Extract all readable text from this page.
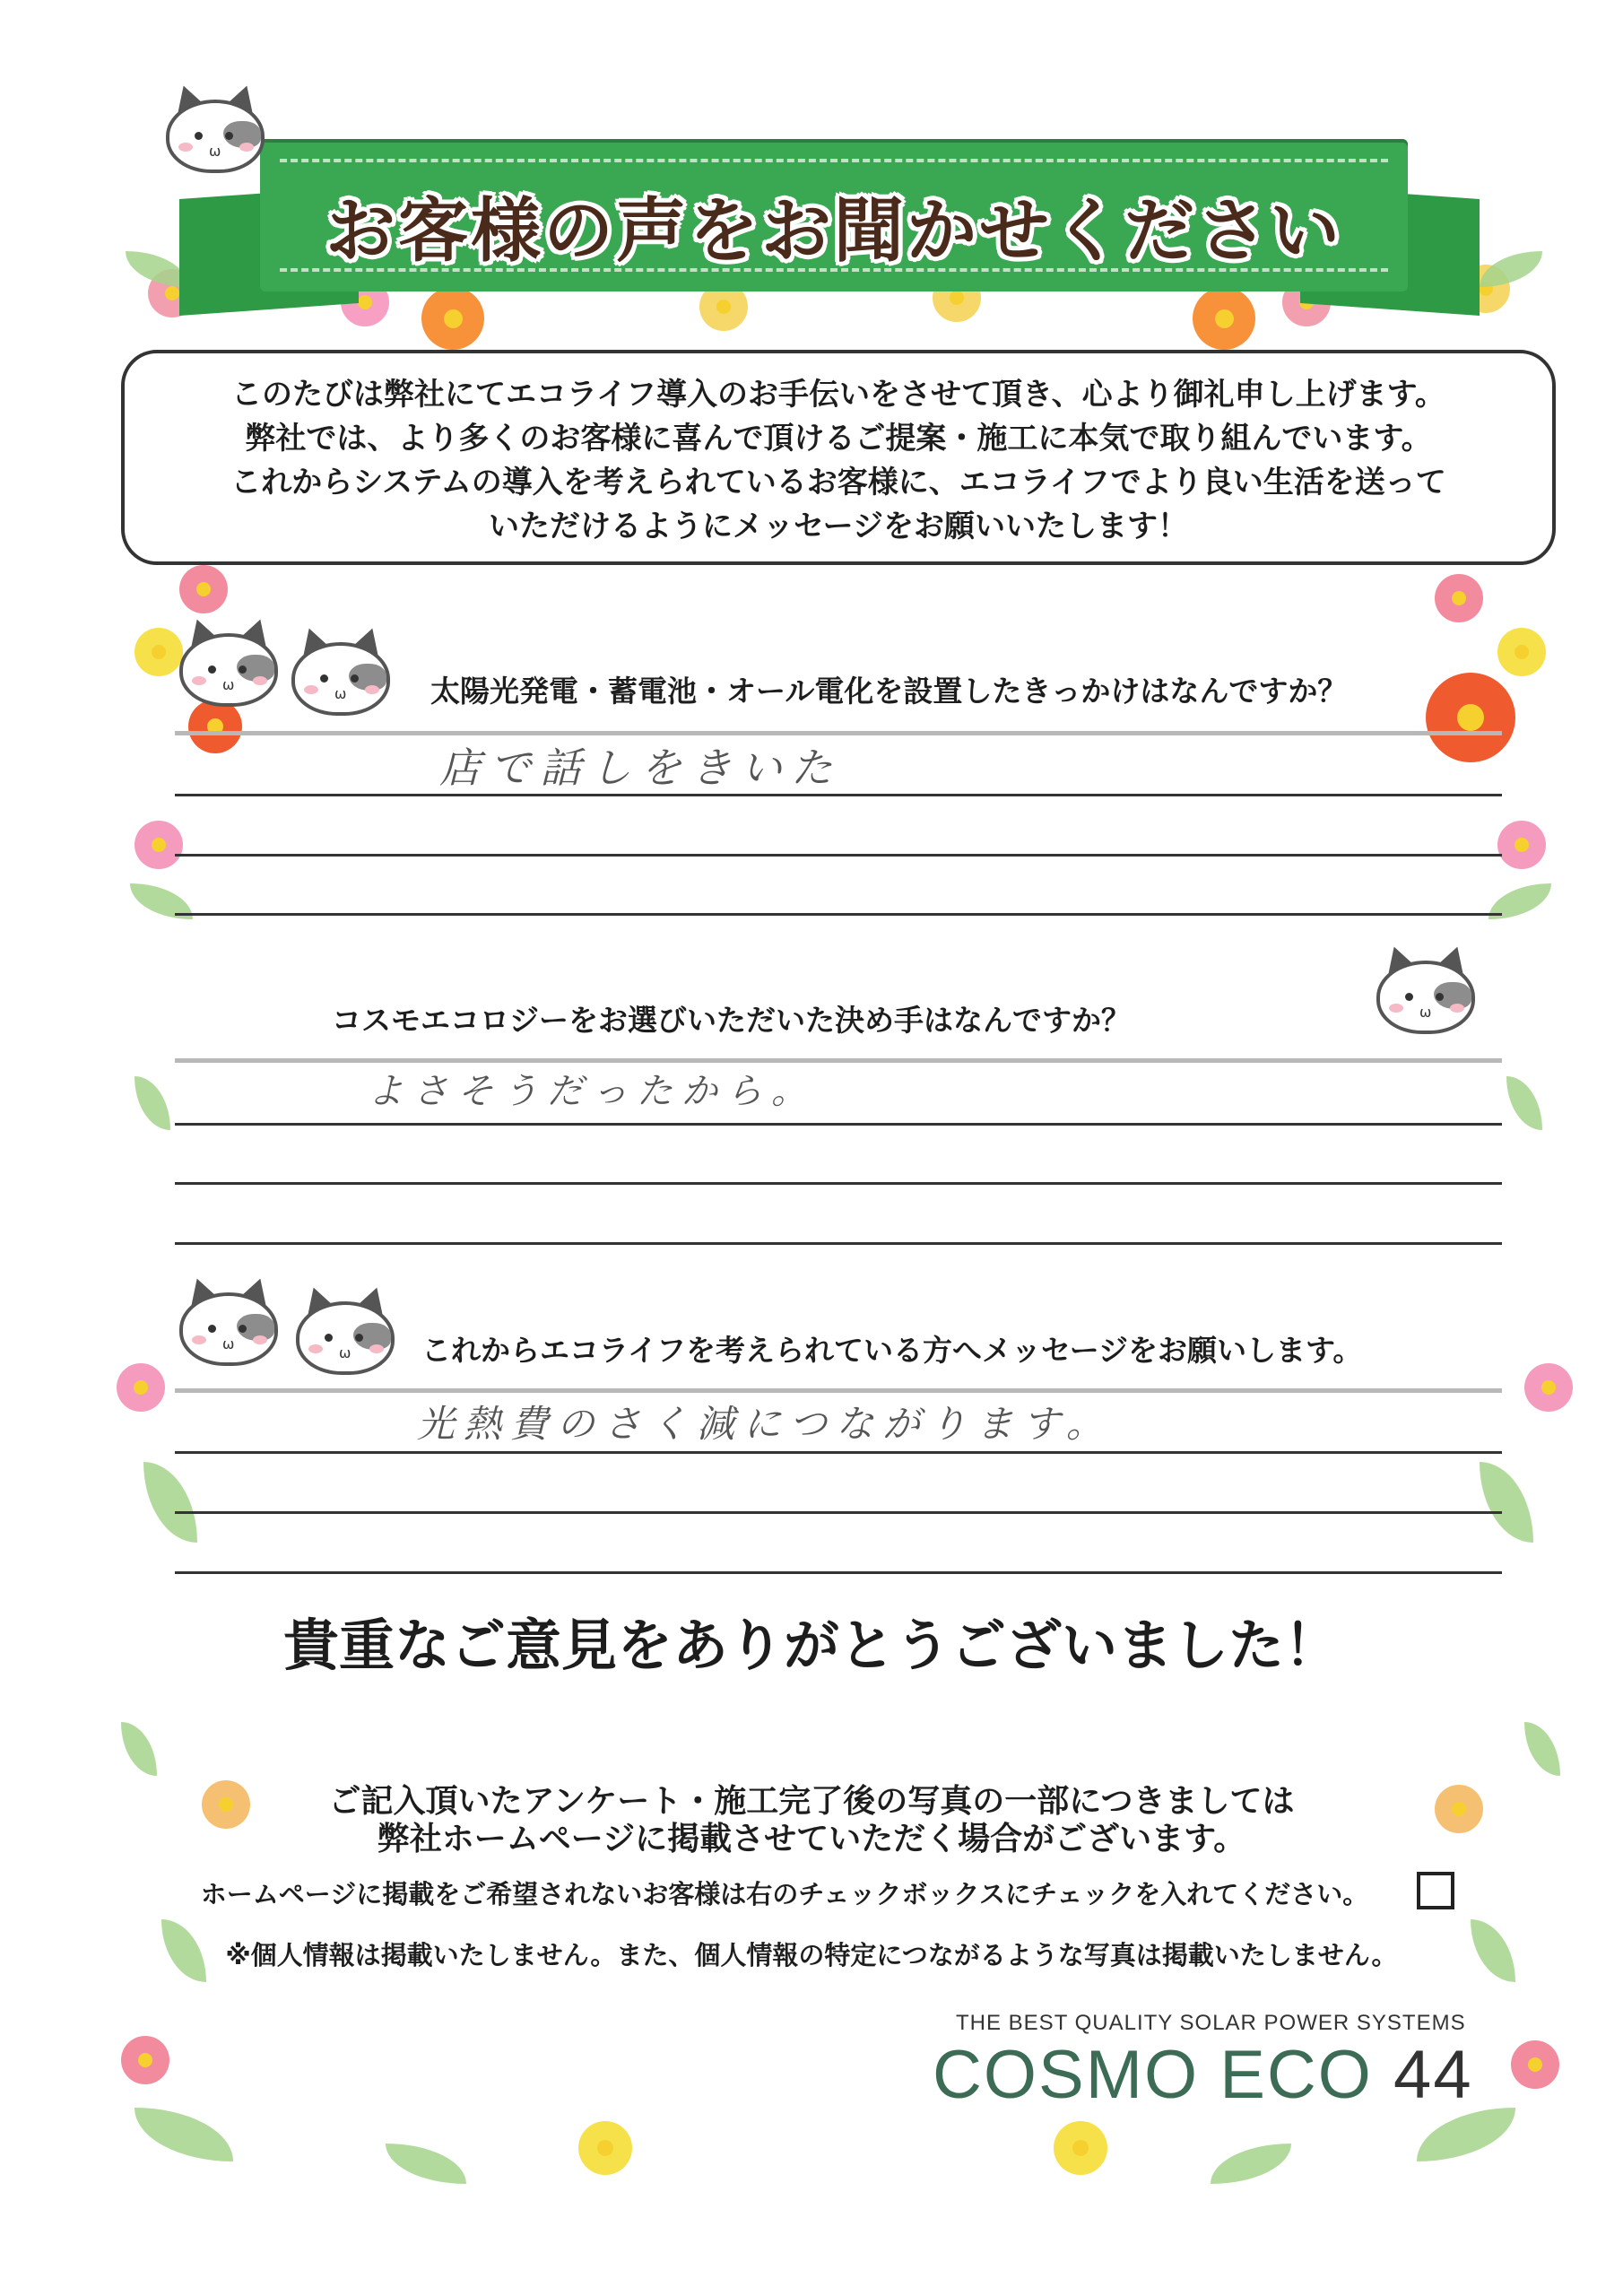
お客様の声をお聞かせください
ω

このたびは弊社にてエコライフ導入のお手伝いをさせて頂き、心より御礼申し上げます。

弊社では、より多くのお客様に喜んで頂けるご提案・施工に本気で取り組んでいます。

これからシステムの導入を考えられているお客様に、エコライフでより良い生活を送って

いただけるようにメッセージをお願いいたします！

ω
ω	太陽光発電・蓄電池・オール電化を設置したきっかけはなんですか？
店で話しをきいた
ω
コスモエコロジーをお選びいただいた決め手はなんですか？
よさそうだったから。
ω
ω これからエコライフを考えられている方へメッセージをお願いします。
光熱費のさく減につながります。
貴重なご意見をありがとうございました！
ご記入頂いたアンケート・施工完了後の写真の一部につきましては
弊社ホームページに掲載させていただく場合がございます。
ホームページに掲載をご希望されないお客様は右のチェックボックスにチェックを入れてください。
※個人情報は掲載いたしません。また、個人情報の特定につながるような写真は掲載いたしません。
THE BEST QUALITY SOLAR POWER SYSTEMS
COSMO ECO 44
